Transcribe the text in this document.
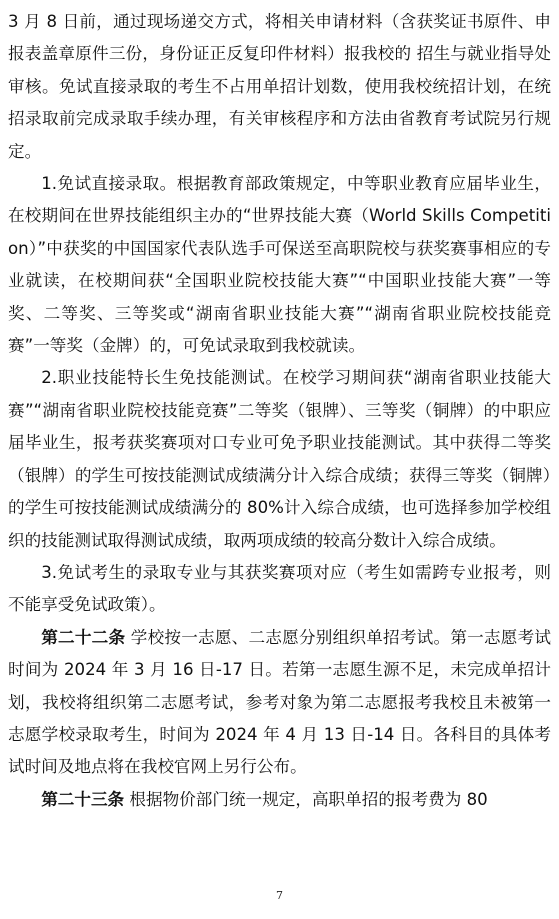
3 月 8 日前，通过现场递交方式，将相关申请材料（含获奖证书原件、申报表盖章原件三份，身份证正反复印件材料）报我校的 招生与就业指导处审核。免试直接录取的考生不占用单招计划数，使用我校统招计划，在统招录取前完成录取手续办理，有关审核程序和方法由省教育考试院另行规定。

1.免试直接录取。根据教育部政策规定，中等职业教育应届毕业生，在校期间在世界技能组织主办的“世界技能大赛（World Skills Competition）”中获奖的中国国家代表队选手可保送至高职院校与获奖赛事相应的专业就读，在校期间获“全国职业院校技能大赛”“中国职业技能大赛”一等奖、二等奖、三等奖或“湖南省职业技能大赛”“湖南省职业院校技能竞赛”一等奖（金牌）的，可免试录取到我校就读。

2.职业技能特长生免技能测试。在校学习期间获“湖南省职业技能大赛”“湖南省职业院校技能竞赛”二等奖（银牌）、三等奖（铜牌）的中职应届毕业生，报考获奖赛项对口专业可免予职业技能测试。其中获得二等奖（银牌）的学生可按技能测试成绩满分计入综合成绩；获得三等奖（铜牌）的学生可按技能测试成绩满分的 80%计入综合成绩，也可选择参加学校组织的技能测试取得测试成绩，取两项成绩的较高分数计入综合成绩。

3.免试考生的录取专业与其获奖赛项对应（考生如需跨专业报考，则不能享受免试政策）。

第二十二条 学校按一志愿、二志愿分别组织单招考试。第一志愿考试时间为 2024 年 3 月 16 日-17 日。若第一志愿生源不足，未完成单招计划，我校将组织第二志愿考试，参考对象为第二志愿报考我校且未被第一志愿学校录取考生，时间为 2024 年 4 月 13 日-14 日。各科目的具体考试时间及地点将在我校官网上另行公布。

第二十三条 根据物价部门统一规定，高职单招的报考费为 80

7
